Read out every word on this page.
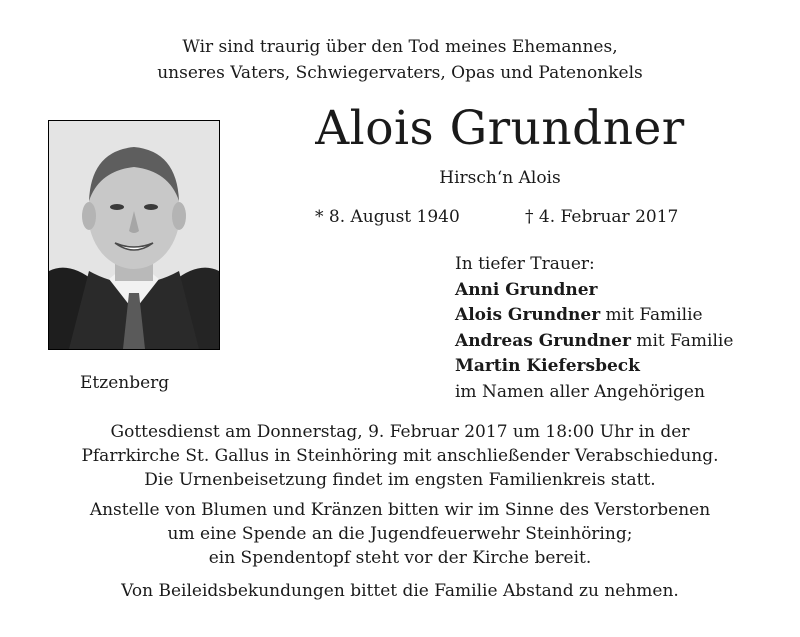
Wir sind traurig über den Tod meines Ehemannes,
unseres Vaters, Schwiegervaters, Opas und Patenonkels
Alois Grundner
Hirsch‘n Alois
* 8. August 1940	† 4. Februar 2017
Etzenberg
In tiefer Trauer:
Anni Grundner
Alois Grundner mit Familie
Andreas Grundner mit Familie
Martin Kiefersbeck
im Namen aller Angehörigen
Gottesdienst am Donnerstag, 9. Februar 2017 um 18:00 Uhr in der
Pfarrkirche St. Gallus in Steinhöring mit anschließender Verabschiedung.
Die Urnenbeisetzung findet im engsten Familienkreis statt.
Anstelle von Blumen und Kränzen bitten wir im Sinne des Verstorbenen
um eine Spende an die Jugendfeuerwehr Steinhöring;
ein Spendentopf steht vor der Kirche bereit.
Von Beileidsbekundungen bittet die Familie Abstand zu nehmen.
